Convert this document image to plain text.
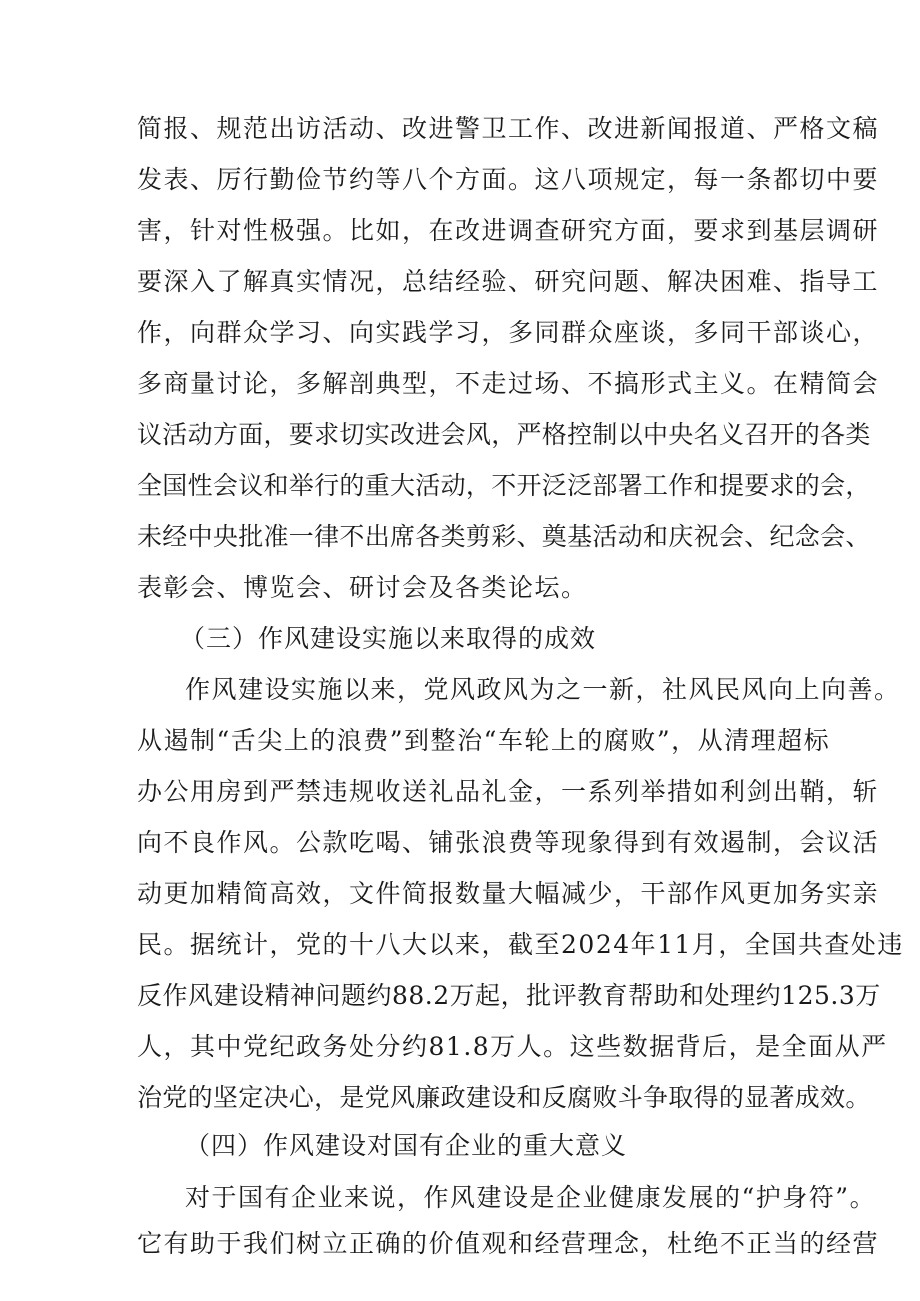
简报、规范出访活动、改进警卫工作、改进新闻报道、严格文稿
发表、厉行勤俭节约等八个方面。这八项规定，每一条都切中要
害，针对性极强。比如，在改进调查研究方面，要求到基层调研
要深入了解真实情况，总结经验、研究问题、解决困难、指导工
作，向群众学习、向实践学习，多同群众座谈，多同干部谈心，
多商量讨论，多解剖典型，不走过场、不搞形式主义。在精简会
议活动方面，要求切实改进会风，严格控制以中央名义召开的各类
全国性会议和举行的重大活动，不开泛泛部署工作和提要求的会，
未经中央批准一律不出席各类剪彩、奠基活动和庆祝会、纪念会、
表彰会、博览会、研讨会及各类论坛。
（三）作风建设实施以来取得的成效
作风建设实施以来，党风政风为之一新，社风民风向上向善。
从遏制“舌尖上的浪费”到整治“车轮上的腐败”，从清理超标
办公用房到严禁违规收送礼品礼金，一系列举措如利剑出鞘，斩
向不良作风。公款吃喝、铺张浪费等现象得到有效遏制，会议活
动更加精简高效，文件简报数量大幅减少，干部作风更加务实亲
民。据统计，党的十八大以来，截至2024年11月，全国共查处违
反作风建设精神问题约88.2万起，批评教育帮助和处理约125.3万
人，其中党纪政务处分约81.8万人。这些数据背后，是全面从严
治党的坚定决心，是党风廉政建设和反腐败斗争取得的显著成效。
（四）作风建设对国有企业的重大意义
对于国有企业来说，作风建设是企业健康发展的“护身符”。
它有助于我们树立正确的价值观和经营理念，杜绝不正当的经营
